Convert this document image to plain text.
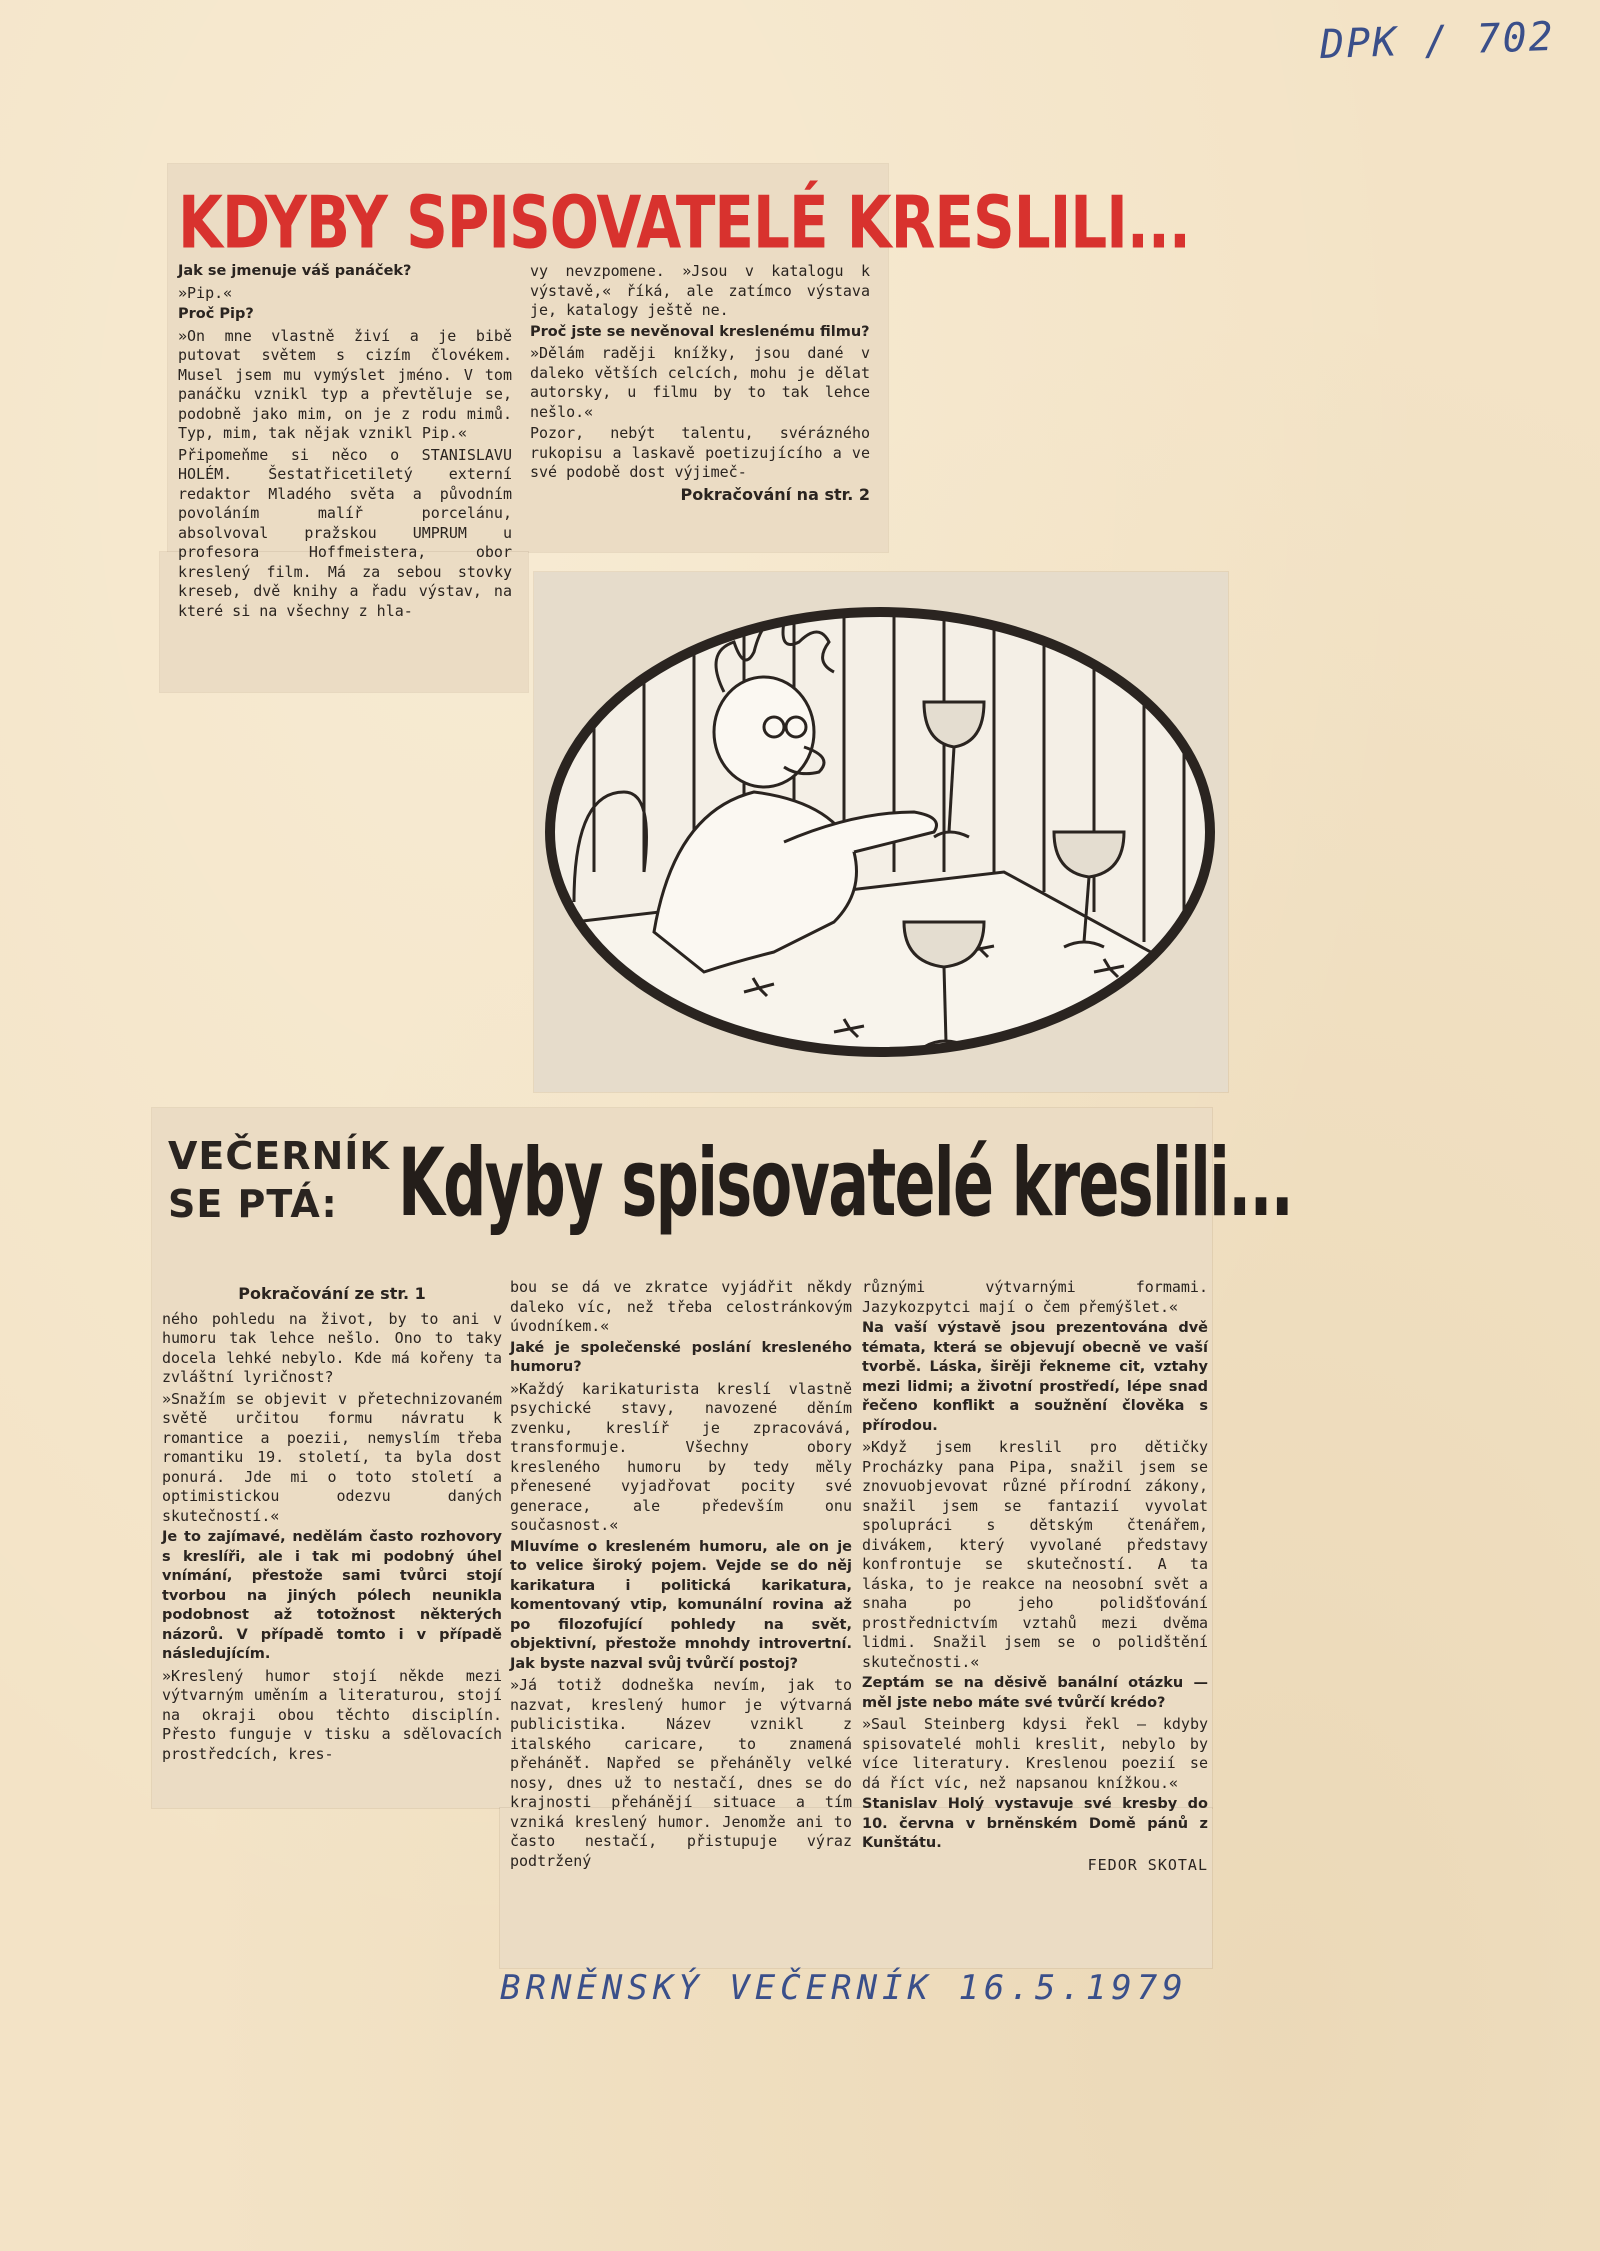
DPK / 702
KDYBY SPISOVATELÉ KRESLILI...

Jak se jmenuje váš panáček?

»Pip.«

Proč Pip?

»On mne vlastně živí a je bibě putovat světem s cizím človékem. Musel jsem mu vymýslet jméno. V tom panáčku vznikl typ a převtěluje se, podobně jako mim, on je z rodu mimů. Typ, mim, tak nějak vznikl Pip.«

Připomeňme si něco o STANISLAVU HOLÉM. Šestatřicetiletý externí redaktor Mladého světa a původním povoláním malíř porcelánu, absolvoval pražskou UMPRUM u profesora Hoffmeistera, obor kreslený film. Má za sebou stovky kreseb, dvě knihy a řadu výstav, na které si na všechny z hla-

vy nevzpomene. »Jsou v katalogu k výstavě,« říká, ale zatímco výstava je, katalogy ještě ne.

Proč jste se nevěnoval kreslenému filmu?

»Dělám raději knížky, jsou dané v daleko větších celcích, mohu je dělat autorsky, u filmu by to tak lehce nešlo.«

Pozor, nebýt talentu, svérázného rukopisu a laskavě poetizujícího a ve své podobě dost výjimeč-

Pokračování na str. 2

VEČERNÍK
SE PTÁ: Kdyby spisovatelé kreslili...

Pokračování ze str. 1

ného pohledu na život, by to ani v humoru tak lehce nešlo. Ono to taky docela lehké nebylo. Kde má kořeny ta zvláštní lyričnost?

»Snažím se objevit v přetechnizovaném světě určitou formu návratu k romantice a poezii, nemyslím třeba romantiku 19. století, ta byla dost ponurá. Jde mi o toto století a optimistickou odezvu daných skutečností.«

Je to zajímavé, nedělám často rozhovory s kreslíři, ale i tak mi podobný úhel vnímání, přestože sami tvůrci stojí tvorbou na jiných pólech neunikla podobnost až totožnost některých názorů. V případě tomto i v případě následujícím.

»Kreslený humor stojí někde mezi výtvarným uměním a literaturou, stojí na okraji obou těchto disciplín. Přesto funguje v tisku a sdělovacích prostředcích, kres-

bou se dá ve zkratce vyjádřit někdy daleko víc, než třeba celostránkovým úvodníkem.«

Jaké je společenské poslání kresleného humoru?

»Každý karikaturista kreslí vlastně psychické stavy, navozené děním zvenku, kreslíř je zpracovává, transformuje. Všechny obory kresleného humoru by tedy měly přenesené vyjadřovat pocity své generace, ale především onu současnost.«

Mluvíme o kresleném humoru, ale on je to velice široký pojem. Vejde se do něj karikatura i politická karikatura, komentovaný vtip, komunální rovina až po filozofující pohledy na svět, objektivní, přestože mnohdy introvertní. Jak byste nazval svůj tvůrčí postoj?

»Já totiž dodneška nevím, jak to nazvat, kreslený humor je výtvarná publicistika. Název vznikl z italského caricare, to znamená přeháně̌t. Napřed se přeháněly velké nosy, dnes už to nestačí, dnes se do krajnosti přehánějí situace a tím vzniká kreslený humor. Jenomže ani to často nestačí, přistupuje výraz podtržený

různými výtvarnými formami. Jazykozpytci mají o čem přemýšlet.«

Na vaší výstavě jsou prezentována dvě témata, která se objevují obecně ve vaší tvorbě. Láska, širěji řekneme cit, vztahy mezi lidmi; a životní prostředí, lépe snad řečeno konflikt a soužnění člověka s přírodou.

»Když jsem kreslil pro dětičky Procházky pana Pipa, snažil jsem se znovuobjevovat různé přírodní zákony, snažil jsem se fantazií vyvolat spolupráci s dětským čtenářem, divákem, který vyvolané představy konfrontuje se skutečností. A ta láska, to je reakce na neosobní svět a snaha po jeho polidšťování prostřednictvím vztahů mezi dvěma lidmi. Snažil jsem se o polidštění skutečnosti.«

Zeptám se na děsivě banální otázku — měl jste nebo máte své tvůrčí krédo?

»Saul Steinberg kdysi řekl — kdyby spisovatelé mohli kreslit, nebylo by více literatury. Kreslenou poezií se dá říct víc, než napsanou knížkou.«

Stanislav Holý vystavuje své kresby do 10. června v brněnském Domě pánů z Kunštátu.

FEDOR SKOTAL

BRNĚNSKÝ VEČERNÍK 16.5.1979
